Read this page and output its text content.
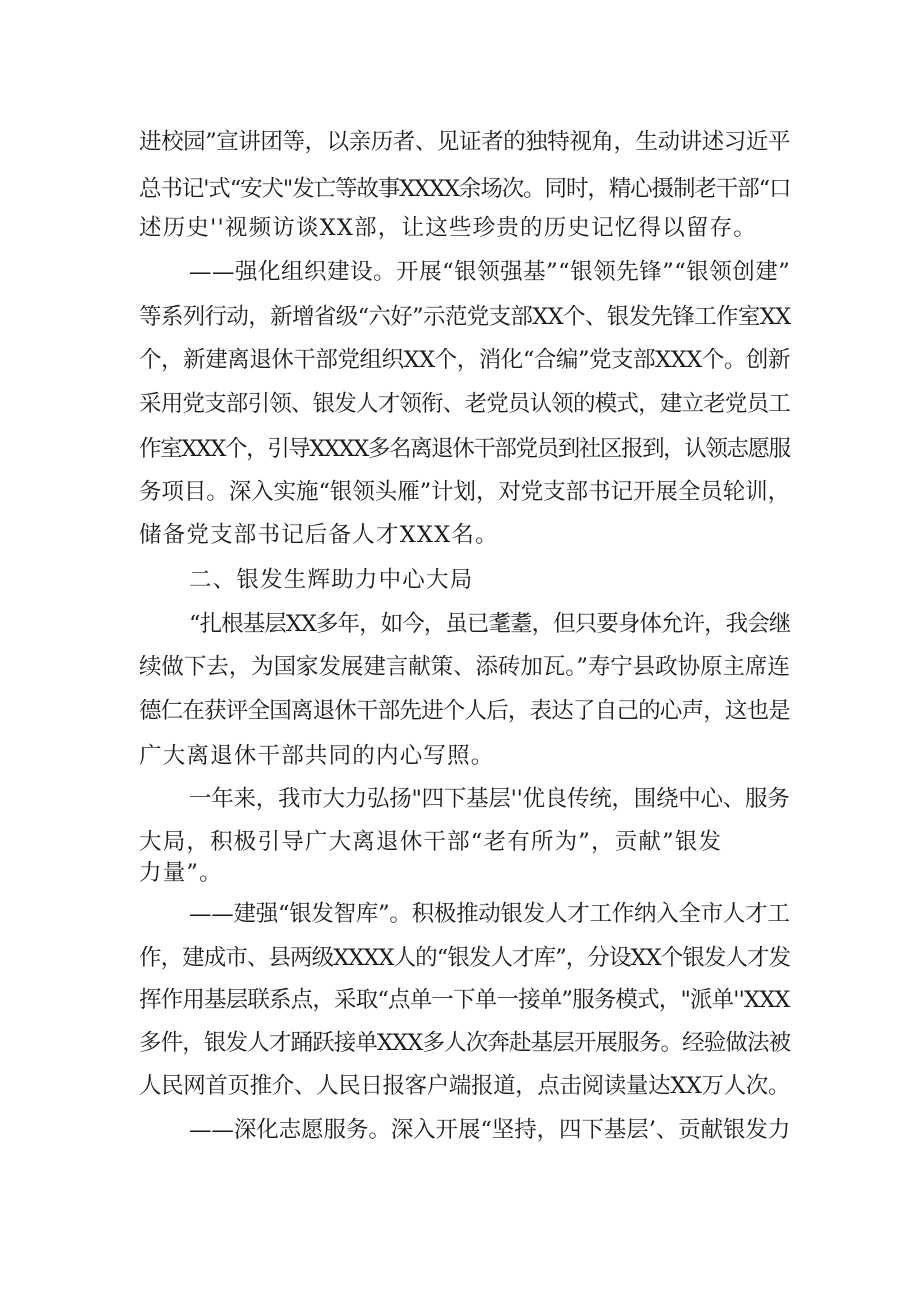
进校园”宣讲团等，以亲历者、见证者的独特视角，生动讲述习近平
总书记'式“安犬"发亡等故事XXXX余场次。同时，精心摄制老干部“口
述历史''视频访谈XX部，让这些珍贵的历史记忆得以留存。
——强化组织建设。开展“银领强基”“银领先锋”“银领创建”
等系列行动，新增省级“六好”示范党支部XX个、银发先锋工作室XX
个，新建离退休干部党组织XX个，消化“合编”党支部XXX个。创新
采用党支部引领、银发人才领衔、老党员认领的模式，建立老党员工
作室XXX个，引导XXXX多名离退休干部党员到社区报到，认领志愿服
务项目。深入实施“银领头雁”计划，对党支部书记开展全员轮训，
储备党支部书记后备人才XXX名。
二、银发生辉助力中心大局
“扎根基层XX多年，如今，虽已耄耋，但只要身体允许，我会继
续做下去，为国家发展建言献策、添砖加瓦。”寿宁县政协原主席连
德仁在获评全国离退休干部先进个人后，表达了自己的心声，这也是
广大离退休干部共同的内心写照。
一年来，我市大力弘扬"四下基层''优良传统，围绕中心、服务
大局，积极引导广大离退休干部“老有所为”，贡献”银发
力量”。
——建强“银发智库”。积极推动银发人才工作纳入全市人才工
作，建成市、县两级XXXX人的“银发人才库”，分设XX个银发人才发
挥作用基层联系点，采取“点单一下单一接单”服务模式，"派单''XXX
多件，银发人才踊跃接单XXX多人次奔赴基层开展服务。经验做法被
人民网首页推介、人民日报客户端报道，点击阅读量达XX万人次。
——深化志愿服务。深入开展“坚持，四下基层’、贡献银发力
